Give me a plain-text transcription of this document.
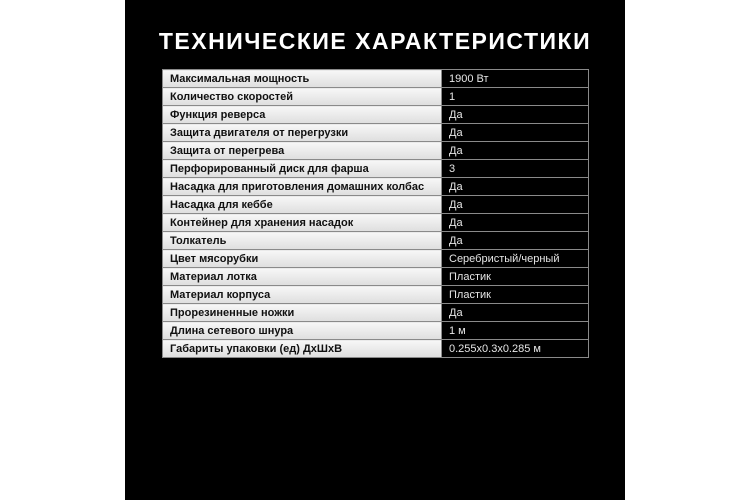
ТЕХНИЧЕСКИЕ ХАРАКТЕРИСТИКИ
Максимальная мощность	1900 Вт
Количество скоростей	1
Функция реверса	Да
Защита двигателя от перегрузки	Да
Защита от перегрева	Да
Перфорированный диск для фарша	3
Насадка для приготовления домашних колбас	Да
Насадка для кеббе	Да
Контейнер для хранения насадок	Да
Толкатель	Да
Цвет мясорубки	Серебристый/черный
Материал лотка	Пластик
Материал корпуса	Пластик
Прорезиненные ножки	Да
Длина сетевого шнура	1 м
Габариты упаковки (ед) ДхШхВ	0.255x0.3x0.285 м
